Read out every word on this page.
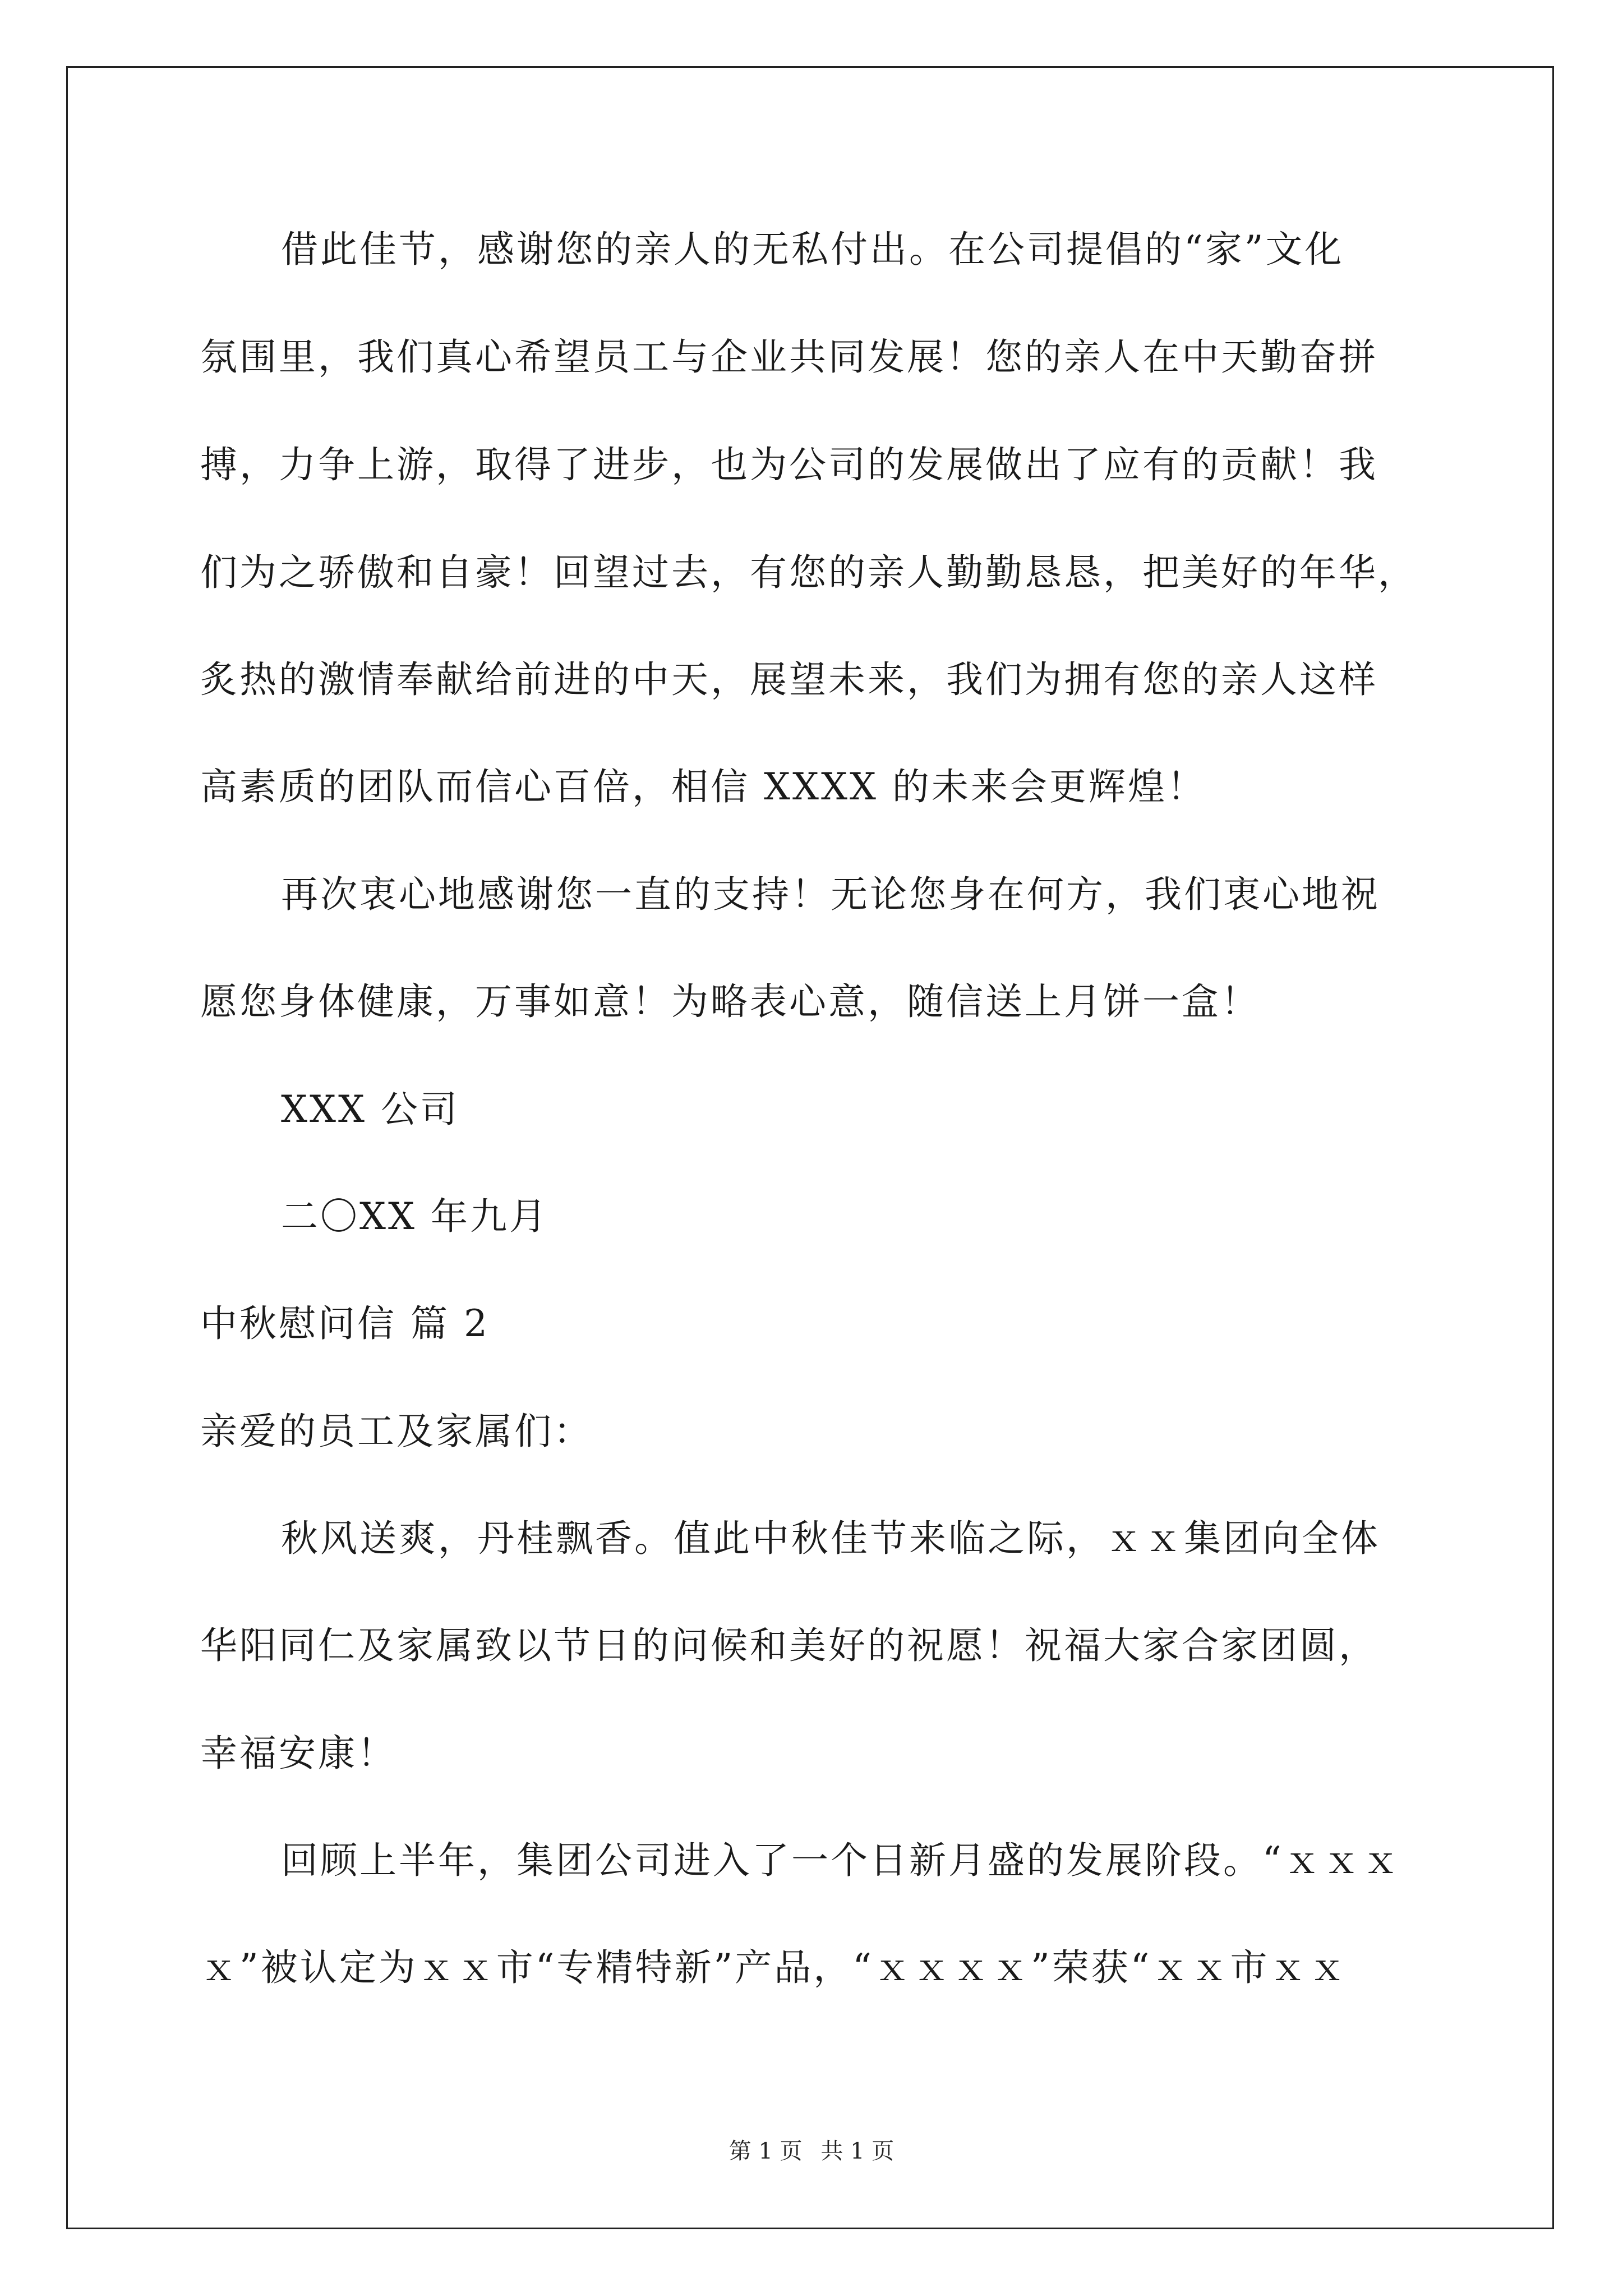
借此佳节，感谢您的亲人的无私付出。在公司提倡的“家”文化
氛围里，我们真心希望员工与企业共同发展！您的亲人在中天勤奋拼
搏，力争上游，取得了进步，也为公司的发展做出了应有的贡献！我
们为之骄傲和自豪！回望过去，有您的亲人勤勤恳恳，把美好的年华，
炙热的激情奉献给前进的中天，展望未来，我们为拥有您的亲人这样
高素质的团队而信心百倍，相信 XXXX 的未来会更辉煌！
再次衷心地感谢您一直的支持！无论您身在何方，我们衷心地祝
愿您身体健康，万事如意！为略表心意，随信送上月饼一盒！
XXX 公司
二〇XX 年九月
中秋慰问信 篇 2
亲爱的员工及家属们：
秋风送爽，丹桂飘香。值此中秋佳节来临之际，ｘｘ集团向全体
华阳同仁及家属致以节日的问候和美好的祝愿！祝福大家合家团圆，
幸福安康！
回顾上半年，集团公司进入了一个日新月盛的发展阶段。“ｘｘｘ
ｘ”被认定为ｘｘ市“专精特新”产品，“ｘｘｘｘ”荣获“ｘｘ市ｘｘ
第 1 页 共 1 页
